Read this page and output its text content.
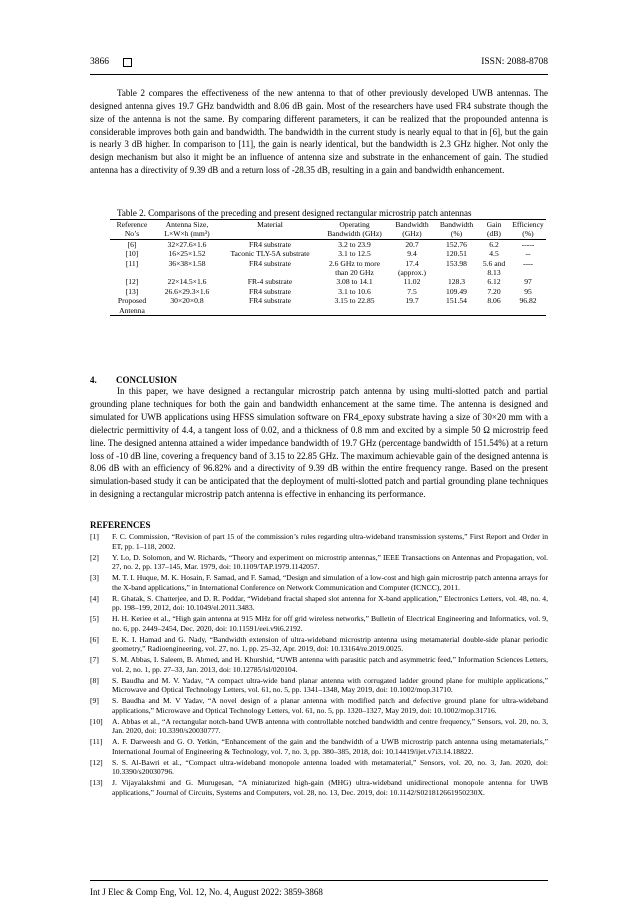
3866	ISSN: 2088-8708

Table 2 compares the effectiveness of the new antenna to that of other previously developed UWB antennas. The designed antenna gives 19.7 GHz bandwidth and 8.06 dB gain. Most of the researchers have used FR4 substrate though the size of the antenna is not the same. By comparing different parameters, it can be realized that the propounded antenna is considerable improves both gain and bandwidth. The bandwidth in the current study is nearly equal to that in [6], but the gain is nearly 3 dB higher. In comparison to [11], the gain is nearly identical, but the bandwidth is 2.3 GHz higher. Not only the design mechanism but also it might be an influence of antenna size and substrate in the enhancement of gain. The studied antenna has a directivity of 9.39 dB and a return loss of -28.35 dB, resulting in a gain and bandwidth enhancement.

Table 2. Comparisons of the preceding and present designed rectangular microstrip patch antennas
Reference	Antenna Size,	Material	Operating	Bandwidth	Bandwidth	Gain	Efficiency
No’s	L×W×h (mm³)		Bandwidth (GHz)	(GHz)	(%)	(dB)	(%)
[6]	32×27.6×1.6	FR4 substrate	3.2 to 23.9	20.7	152.76	6.2	-----
[10]	16×25×1.52	Taconic TLY-5A substrate	3.1 to 12.5	9.4	120.51	4.5	--
[11]	36×38×1.58	FR4 substrate	2.6 GHz to more	17.4	153.98	5.6 and	----
			than 20 GHz	(approx.)		8.13	
[12]	22×14.5×1.6	FR-4 substrate	3.08 to 14.1	11.02	128.3	6.12	97
[13]	26.6×29.3×1.6	FR4 substrate	3.1 to 10.6	7.5	109.49	7.20	95
Proposed	30×20×0.8	FR4 substrate	3.15 to 22.85	19.7	151.54	8.06	96.82
Antenna							
4. CONCLUSION

In this paper, we have designed a rectangular microstrip patch antenna by using multi-slotted patch and partial grounding plane techniques for both the gain and bandwidth enhancement at the same time. The antenna is designed and simulated for UWB applications using HFSS simulation software on FR4_epoxy substrate having a size of 30×20 mm with a dielectric permittivity of 4.4, a tangent loss of 0.02, and a thickness of 0.8 mm and excited by a simple 50 Ω microstrip feed line. The designed antenna attained a wider impedance bandwidth of 19.7 GHz (percentage bandwidth of 151.54%) at a return loss of -10 dB line, covering a frequency band of 3.15 to 22.85 GHz. The maximum achievable gain of the designed antenna is 8.06 dB with an efficiency of 96.82% and a directivity of 9.39 dB within the entire frequency range. Based on the present simulation-based study it can be anticipated that the deployment of multi-slotted patch and partial grounding plane techniques in designing a rectangular microstrip patch antenna is effective in enhancing its performance.

REFERENCES
[1] F. C. Commission, “Revision of part 15 of the commission’s rules regarding ultra-wideband transmission systems,” First Report and Order in ET, pp. 1–118, 2002.
[2] Y. Lo, D. Solomon, and W. Richards, “Theory and experiment on microstrip antennas,” IEEE Transactions on Antennas and Propagation, vol. 27, no. 2, pp. 137–145, Mar. 1979, doi: 10.1109/TAP.1979.1142057.
[3] M. T. I. Huque, M. K. Hosain, F. Samad, and F. Samad, “Design and simulation of a low-cost and high gain microstrip patch antenna arrays for the X-band applications,” in International Conference on Network Communication and Computer (ICNCC), 2011.
[4] R. Ghatak, S. Chatterjee, and D. R. Poddar, “Wideband fractal shaped slot antenna for X-band application,” Electronics Letters, vol. 48, no. 4, pp. 198–199, 2012, doi: 10.1049/el.2011.3483.
[5] H. H. Keriee et al., “High gain antenna at 915 MHz for off grid wireless networks,” Bulletin of Electrical Engineering and Informatics, vol. 9, no. 6, pp. 2449–2454, Dec. 2020, doi: 10.11591/eei.v9i6.2192.
[6] E. K. I. Hamad and G. Nady, “Bandwidth extension of ultra-wideband microstrip antenna using metamaterial double-side planar periodic geometry,” Radioengineering, vol. 27, no. 1, pp. 25–32, Apr. 2019, doi: 10.13164/re.2019.0025.
[7] S. M. Abbas, I. Saleem, B. Ahmed, and H. Khurshid, “UWB antenna with parasitic patch and asymmetric feed,” Information Sciences Letters, vol. 2, no. 1, pp. 27–33, Jan. 2013, doi: 10.12785/isl/020104.
[8] S. Baudha and M. V. Yadav, “A compact ultra-wide band planar antenna with corrugated ladder ground plane for multiple applications,” Microwave and Optical Technology Letters, vol. 61, no. 5, pp. 1341–1348, May 2019, doi: 10.1002/mop.31710.
[9] S. Baudha and M. V Yadav, “A novel design of a planar antenna with modified patch and defective ground plane for ultra-wideband applications,” Microwave and Optical Technology Letters, vol. 61, no. 5, pp. 1320–1327, May 2019, doi: 10.1002/mop.31716.
[10] A. Abbas et al., “A rectangular notch-band UWB antenna with controllable notched bandwidth and centre frequency,” Sensors, vol. 20, no. 3, Jan. 2020, doi: 10.3390/s20030777.
[11] A. F. Darweesh and G. O. Yetkin, “Enhancement of the gain and the bandwidth of a UWB microstrip patch antenna using metamaterials,” International Journal of Engineering & Technology, vol. 7, no. 3, pp. 380–385, 2018, doi: 10.14419/ijet.v7i3.14.18822.
[12] S. S. Al-Bawri et al., “Compact ultra-wideband monopole antenna loaded with metamaterial,” Sensors, vol. 20, no. 3, Jan. 2020, doi: 10.3390/s20030796.
[13] J. Vijayalakshmi and G. Murugesan, “A miniaturized high-gain (MHG) ultra-wideband unidirectional monopole antenna for UWB applications,” Journal of Circuits, Systems and Computers, vol. 28, no. 13, Dec. 2019, doi: 10.1142/S021812661950230X.
Int J Elec & Comp Eng, Vol. 12, No. 4, August 2022: 3859-3868
